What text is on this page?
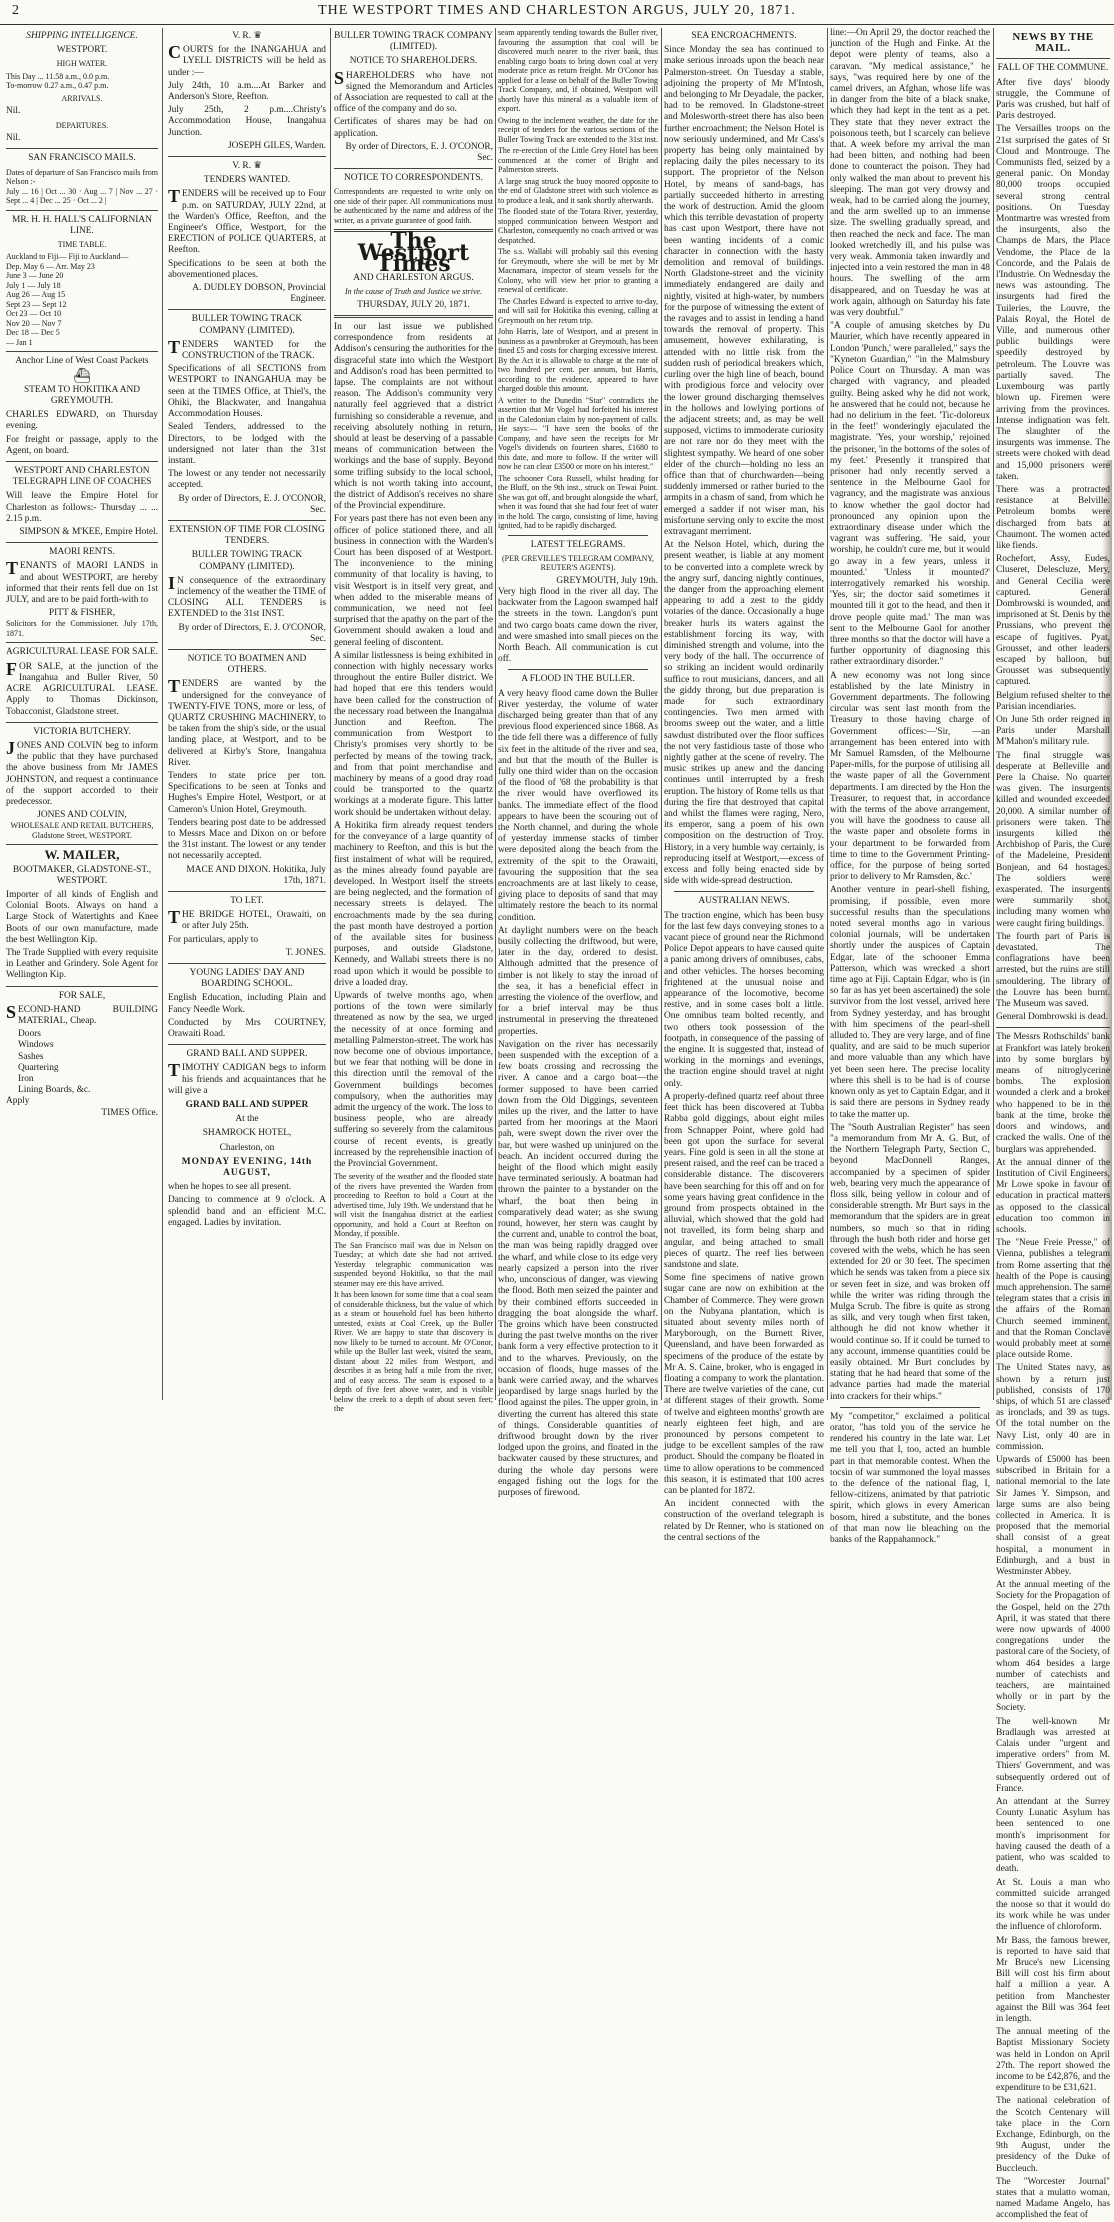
2	THE WESTPORT TIMES AND CHARLESTON ARGUS, JULY 20, 1871.
SHIPPING INTELLIGENCE.
WESTPORT.
HIGH WATER.
This Day ... 11.58 a.m., 0.0 p.m.
To-morrow 0.27 a.m., 0.47 p.m.
ARRIVALS.
Nil.
DEPARTURES.
Nil.
SAN FRANCISCO MAILS.
Dates of departure of San Francisco mails from Nelson :-
July ... 16 | Oct ... 30 · Aug ... 7 | Nov ... 27 · Sept ... 4 | Dec ... 25 · Oct ... 2 |
MR. H. H. HALL'S CALIFORNIAN LINE.
TIME TABLE.
Auckland to Fiji— Fiji to Auckland—
Dep. May 6 — Arr. May 23
June 3 — June 20
July 1 — July 18
Aug 26 — Aug 15
Sept 23 — Sept 12
Oct 23 — Oct 10
Nov 20 — Nov 7
Dec 18 — Dec 5
— Jan 1
Anchor Line of West Coast Packets
⛴
STEAM TO HOKITIKA AND GREYMOUTH.

CHARLES EDWARD, on Thursday evening.

For freight or passage, apply to the Agent, on board.

WESTPORT AND CHARLESTON TELEGRAPH LINE OF COACHES

Will leave the Empire Hotel for Charleston as follows:- Thursday ... ... 2.15 p.m.

SIMPSON & M'KEE, Empire Hotel.
MAORI RENTS.

TENANTS of MAORI LANDS in and about WESTPORT, are hereby informed that their rents fell due on 1st JULY, and are to be paid forth-with to

PITT & FISHER,
Solicitors for the Commissioner. July 17th, 1871.
AGRICULTURAL LEASE FOR SALE.

FOR SALE, at the junction of the Inangahua and Buller River, 50 ACRE AGRICULTURAL LEASE. Apply to Thomas Dickinson, Tobacconist, Gladstone street.

VICTORIA BUTCHERY.

JONES AND COLVIN beg to inform the public that they have purchased the above business from Mr JAMES JOHNSTON, and request a continuance of the support accorded to their predecessor.

JONES AND COLVIN,
WHOLESALE AND RETAIL BUTCHERS, Gladstone Street, WESTPORT.
W. MAILER,
BOOTMAKER, GLADSTONE-ST., WESTPORT.

Importer of all kinds of English and Colonial Boots. Always on hand a Large Stock of Watertights and Knee Boots of our own manufacture, made the best Wellington Kip.

The Trade Supplied with every requisite in Leather and Grindery. Sole Agent for Wellington Kip.

FOR SALE,

SECOND-HAND BUILDING MATERIAL, Cheap.

Doors
Windows
Sashes
Quartering
Iron
Lining Boards, &c.
Apply
TIMES Office.
V. R. ♛

COURTS for the INANGAHUA and LYELL DISTRICTS will be held as under :—

July 24th, 10 a.m....At Barker and Anderson's Store, Reefton.

July 25th, 2 p.m....Christy's Accommodation House, Inangahua Junction.

JOSEPH GILES, Warden.
V. R. ♛
TENDERS WANTED.

TENDERS will be received up to Four p.m. on SATURDAY, JULY 22nd, at the Warden's Office, Reefton, and the Engineer's Office, Westport, for the ERECTION of POLICE QUARTERS, at Reefton.

Specifications to be seen at both the abovementioned places.

A. DUDLEY DOBSON, Provincial Engineer.
BULLER TOWING TRACK COMPANY (LIMITED).

TENDERS WANTED for the CONSTRUCTION of the TRACK.

Specifications of all SECTIONS from WESTPORT to INANGAHUA may be seen at the TIMES Office, at Thiel's, the Ohiki, the Blackwater, and Inangahua Accommodation Houses.

Sealed Tenders, addressed to the Directors, to be lodged with the undersigned not later than the 31st instant.

The lowest or any tender not necessarily accepted.

By order of Directors, E. J. O'CONOR, Sec.
EXTENSION OF TIME FOR CLOSING TENDERS.
BULLER TOWING TRACK COMPANY (LIMITED).

IN consequence of the extraordinary inclemency of the weather the TIME of CLOSING ALL TENDERS is EXTENDED to the 31st INST.

By order of Directors, E. J. O'CONOR, Sec.
NOTICE TO BOATMEN AND OTHERS.

TENDERS are wanted by the undersigned for the conveyance of TWENTY-FIVE TONS, more or less, of QUARTZ CRUSHING MACHINERY, to be taken from the ship's side, or the usual landing place, at Westport, and to be delivered at Kirby's Store, Inangahua River.

Tenders to state price per ton. Specifications to be seen at Tonks and Hughes's Empire Hotel, Westport, or at Cameron's Union Hotel, Greymouth.

Tenders bearing post date to be addressed to Messrs Mace and Dixon on or before the 31st instant. The lowest or any tender not necessarily accepted.

MACE AND DIXON. Hokitika, July 17th, 1871.
TO LET.

THE BRIDGE HOTEL, Orawaiti, on or after July 25th.

For particulars, apply to

T. JONES.
YOUNG LADIES' DAY AND BOARDING SCHOOL.

English Education, including Plain and Fancy Needle Work.

Conducted by Mrs COURTNEY, Orawaiti Road.

GRAND BALL AND SUPPER.

TIMOTHY CADIGAN begs to inform his friends and acquaintances that he will give a

GRAND BALL AND SUPPER
At the
SHAMROCK HOTEL,
Charleston, on
MONDAY EVENING, 14th AUGUST,

when he hopes to see all present.

Dancing to commence at 9 o'clock. A splendid band and an efficient M.C. engaged. Ladies by invitation.

BULLER TOWING TRACK COMPANY (LIMITED).
NOTICE TO SHAREHOLDERS.

SHAREHOLDERS who have not signed the Memorandum and Articles of Association are requested to call at the office of the company and do so.

Certificates of shares may be had on application.

By order of Directors, E. J. O'CONOR, Sec.
NOTICE TO CORRESPONDENTS.

Correspondents are requested to write only on one side of their paper. All communications must be authenticated by the name and address of the writer, as a private guarantee of good faith.

The Westport Times
AND CHARLESTON ARGUS.
In the cause of Truth and Justice we strive.
THURSDAY, JULY 20, 1871.

In our last issue we published correspondence from residents at Addison's censuring the authorities for the disgraceful state into which the Westport and Addison's road has been permitted to lapse. The complaints are not without reason. The Addison's community very naturally feel aggrieved that a district furnishing so considerable a revenue, and receiving absolutely nothing in return, should at least be deserving of a passable means of communication between the workings and the base of supply. Beyond some trifling subsidy to the local school, which is not worth taking into account, the district of Addison's receives no share of the Provincial expenditure.

For years past there has not even been any officer of police stationed there, and all business in connection with the Warden's Court has been disposed of at Westport. The inconvenience to the mining community of that locality is having, to visit Westport is in itself very great, and when added to the miserable means of communication, we need not feel surprised that the apathy on the part of the Government should awaken a loud and general feeling of discontent.

A similar listlessness is being exhibited in connection with highly necessary works throughout the entire Buller district. We had hoped that ere this tenders would have been called for the construction of the necessary road between the Inangahua Junction and Reefton. The communication from Westport to Christy's promises very shortly to be perfected by means of the towing track, and from that point merchandise and machinery by means of a good dray road could be transported to the quartz workings at a moderate figure. This latter work should be undertaken without delay.

A Hokitika firm already request tenders for the conveyance of a large quantity of machinery to Reefton, and this is but the first instalment of what will be required, as the mines already found payable are developed. In Westport itself the streets are being neglected, and the formation of necessary streets is delayed. The encroachments made by the sea during the past month have destroyed a portion of the available sites for business purposes, and outside Gladstone, Kennedy, and Wallabi streets there is no road upon which it would be possible to drive a loaded dray.

Upwards of twelve months ago, when portions of the town were similarly threatened as now by the sea, we urged the necessity of at once forming and metalling Palmerston-street. The work has now become one of obvious importance, but we fear that nothing will be done in this direction until the removal of the Government buildings becomes compulsory, when the authorities may admit the urgency of the work. The loss to business people, who are already suffering so severely from the calamitous course of recent events, is greatly increased by the reprehensible inaction of the Provincial Government.

The severity of the weather and the flooded state of the rivers have prevented the Warden from proceeding to Reefton to hold a Court at the advertised time, July 19th. We understand that he will visit the Inangahua district at the earliest opportunity, and hold a Court at Reefton on Monday, if possible.

The San Francisco mail was due in Nelson on Tuesday; at which date she had not arrived. Yesterday telegraphic communication was suspended beyond Hokitika, so that the mail steamer may ere this have arrived.

It has been known for some time that a coal seam of considerable thickness, but the value of which as a steam or household fuel has been hitherto untested, exists at Coal Creek, up the Buller River. We are happy to state that discovery is now likely to be turned to account. Mr O'Conor, while up the Buller last week, visited the seam, distant about 22 miles from Westport, and describes it as being half a mile from the river, and of easy access. The seam is exposed to a depth of five feet above water, and is visible below the creek to a depth of about seven feet; the

seam apparently tending towards the Buller river, favouring the assumption that coal will be discovered much nearer to the river bank, thus enabling cargo boats to bring down coal at very moderate price as return freight. Mr O'Conor has applied for a lease on behalf of the Buller Towing Track Company, and, if obtained, Westport will shortly have this mineral as a valuable item of export.

Owing to the inclement weather, the date for the receipt of tenders for the various sections of the Buller Towing Track are extended to the 31st inst.

The re-erection of the Little Grey Hotel has been commenced at the corner of Bright and Palmerston streets.

A large snag struck the buoy moored opposite to the end of Gladstone street with such violence as to produce a leak, and it sank shortly afterwards.

The flooded state of the Totara River, yesterday, stopped communication between Westport and Charleston, consequently no coach arrived or was despatched.

The s.s. Wallabi will probably sail this evening for Greymouth, where she will be met by Mr Macnamara, inspector of steam vessels for the Colony, who will view her prior to granting a renewal of certificate.

The Charles Edward is expected to arrive to-day, and will sail for Hokitika this evening, calling at Greymouth on her return trip.

John Harris, late of Westport, and at present in business as a pawnbroker at Greymouth, has been fined £5 and costs for charging excessive interest. By the Act it is allowable to charge at the rate of two hundred per cent. per annum, but Harris, according to the evidence, appeared to have charged double this amount.

A writer to the Dunedin "Star" contradicts the assertion that Mr Vogel had forfeited his interest in the Caledonian claim by non-payment of calls. He says:— "I have seen the books of the Company, and have seen the receipts for Mr Vogel's dividends on fourteen shares, £1680 to this date, and more to follow. If the writer will now he can clear £3500 or more on his interest."

The schooner Cora Russell, whilst heading for the Bluff, on the 9th inst., struck on Tewai Point. She was got off, and brought alongside the wharf, when it was found that she had four feet of water in the hold. The cargo, consisting of lime, having ignited, had to be rapidly discharged.

LATEST TELEGRAMS.
(PER GREVILLE'S TELEGRAM COMPANY, REUTER'S AGENTS).
GREYMOUTH, July 19th.

Very high flood in the river all day. The backwater from the Lagoon swamped half the streets in the town. Langdon's punt and two cargo boats came down the river, and were smashed into small pieces on the North Beach. All communication is cut off.

A FLOOD IN THE BULLER.

A very heavy flood came down the Buller River yesterday, the volume of water discharged being greater than that of any previous flood experienced since 1868. As the tide fell there was a difference of fully six feet in the altitude of the river and sea, and but that the mouth of the Buller is fully one third wider than on the occasion of the flood of '68 the probability is that the river would have overflowed its banks. The immediate effect of the flood appears to have been the scouring out of the North channel, and during the whole of yesterday immense stacks of timber were deposited along the beach from the extremity of the spit to the Orawaiti, favouring the supposition that the sea encroachments are at last likely to cease, giving place to deposits of sand that may ultimately restore the beach to its normal condition.

At daylight numbers were on the beach busily collecting the driftwood, but were, later in the day, ordered to desist. Although admitted that the presence of timber is not likely to stay the inroad of the sea, it has a beneficial effect in arresting the violence of the overflow, and for a brief interval may be thus instrumental in preserving the threatened properties.

Navigation on the river has necessarily been suspended with the exception of a few boats crossing and recrossing the river. A canoe and a cargo boat—the former supposed to have been carried down from the Old Diggings, seventeen miles up the river, and the latter to have parted from her moorings at the Maori pah, were swept down the river over the bar, but were washed up uninjured on the beach. An incident occurred during the height of the flood which might easily have terminated seriously. A boatman had thrown the painter to a bystander on the wharf, the boat then being in comparatively dead water; as she swung round, however, her stern was caught by the current and, unable to control the boat, the man was being rapidly dragged over the wharf, and while close to its edge very nearly capsized a person into the river who, unconscious of danger, was viewing the flood. Both men seized the painter and by their combined efforts succeeded in dragging the boat alongside the wharf. The groins which have been constructed during the past twelve months on the river bank form a very effective protection to it and to the wharves. Previously, on the occasion of floods, huge masses of the bank were carried away, and the wharves jeopardised by large snags hurled by the flood against the piles. The upper groin, in diverting the current has altered this state of things. Considerable quantities of driftwood brought down by the river lodged upon the groins, and floated in the backwater caused by these structures, and during the whole day persons were engaged fishing out the logs for the purposes of firewood.

SEA ENCROACHMENTS.

Since Monday the sea has continued to make serious inroads upon the beach near Palmerston-street. On Tuesday a stable, adjoining the property of Mr M'Intosh, and belonging to Mr Deyadale, the packer, had to be removed. In Gladstone-street and Molesworth-street there has also been further encroachment; the Nelson Hotel is now seriously undermined, and Mr Cass's property has being only maintained by replacing daily the piles necessary to its support. The proprietor of the Nelson Hotel, by means of sand-bags, has partially succeeded hitherto in arresting the work of destruction. Amid the gloom which this terrible devastation of property has cast upon Westport, there have not been wanting incidents of a comic character in connection with the hasty demolition and removal of buildings. North Gladstone-street and the vicinity immediately endangered are daily and nightly, visited at high-water, by numbers for the purpose of witnessing the extent of the ravages and to assist in lending a hand towards the removal of property. This amusement, however exhilarating, is attended with no little risk from the sudden rush of periodical breakers which, curling over the high line of beach, bound with prodigious force and velocity over the lower ground discharging themselves in the hollows and lowlying portions of the adjacent streets; and, as may be well supposed, victims to immoderate curiosity are not rare nor do they meet with the slightest sympathy. We heard of one sober elder of the church—holding no less an office than that of churchwarden—being suddenly immersed or rather buried to the armpits in a chasm of sand, from which he emerged a sadder if not wiser man, his misfortune serving only to excite the most extravagant merriment.

At the Nelson Hotel, which, during the present weather, is liable at any moment to be converted into a complete wreck by the angry surf, dancing nightly continues, the danger from the approaching element appearing to add a zest to the giddy votaries of the dance. Occasionally a huge breaker hurls its waters against the establishment forcing its way, with diminished strength and volume, into the very body of the hall. The occurrence of so striking an incident would ordinarily suffice to rout musicians, dancers, and all the giddy throng, but due preparation is made for such extraordinary contingencies. Two men armed with brooms sweep out the water, and a little sawdust distributed over the floor suffices the not very fastidious taste of those who nightly gather at the scene of revelry. The music strikes up anew and the dancing continues until interrupted by a fresh eruption. The history of Rome tells us that during the fire that destroyed that capital and whilst the flames were raging, Nero, its emperor, sang a poem of his own composition on the destruction of Troy. History, in a very humble way certainly, is reproducing itself at Westport,—excess of excess and folly being enacted side by side with wide-spread destruction.

AUSTRALIAN NEWS.

The traction engine, which has been busy for the last few days conveying stones to a vacant piece of ground near the Richmond Police Depot appears to have caused quite a panic among drivers of omnibuses, cabs, and other vehicles. The horses becoming frightened at the unusual noise and appearance of the locomotive, become restive, and in some cases bolt a little. One omnibus team bolted recently, and two others took possession of the footpath, in consequence of the passing of the engine. It is suggested that, instead of working in the mornings and evenings, the traction engine should travel at night only.

A properly-defined quartz reef about three feet thick has been discovered at Tubba Rabba gold diggings, about eight miles from Schnapper Point, where gold had been got upon the surface for several years. Fine gold is seen in all the stone at present raised, and the reef can be traced a considerable distance. The discoverers have been searching for this off and on for some years having great confidence in the ground from prospects obtained in the alluvial, which showed that the gold had not travelled, its form being sharp and angular, and being attached to small pieces of quartz. The reef lies between sandstone and slate.

Some fine specimens of native grown sugar cane are now on exhibition at the Chamber of Commerce. They were grown on the Nubyana plantation, which is situated about seventy miles north of Maryborough, on the Burnett River, Queensland, and have been forwarded as specimens of the produce of the estate by Mr A. S. Caine, broker, who is engaged in floating a company to work the plantation. There are twelve varieties of the cane, cut at different stages of their growth. Some of twelve and eighteen months' growth are nearly eighteen feet high, and are pronounced by persons competent to judge to be excellent samples of the raw product. Should the company be floated in time to allow operations to be commenced this season, it is estimated that 100 acres can be planted for 1872.

An incident connected with the construction of the overland telegraph is related by Dr Renner, who is stationed on the central sections of the

line:—On April 29, the doctor reached the junction of the Hugh and Finke. At the depot were plenty of teams, also a caravan. "My medical assistance," he says, "was required here by one of the camel drivers, an Afghan, whose life was in danger from the bite of a black snake, which they had kept in the tent as a pet. They state that they never extract the poisonous teeth, but I scarcely can believe that. A week before my arrival the man had been bitten, and nothing had been done to counteract the poison. They had only walked the man about to prevent his sleeping. The man got very drowsy and weak, had to be carried along the journey, and the arm swelled up to an immense size. The swelling gradually spread, and then reached the neck and face. The man looked wretchedly ill, and his pulse was very weak. Ammonia taken inwardly and injected into a vein restored the man in 48 hours. The swelling of the arm disappeared, and on Tuesday he was at work again, although on Saturday his fate was very doubtful."

"A couple of amusing sketches by Du Maurier, which have recently appeared in London 'Punch,' were paralleled," says the "Kyneton Guardian," "in the Malmsbury Police Court on Thursday. A man was charged with vagrancy, and pleaded guilty. Being asked why he did not work, he answered that he could not, because he had no delirium in the feet. 'Tic-doloreux in the feet!' wonderingly ejaculated the magistrate. 'Yes, your worship,' rejoined the prisoner, 'in the bottoms of the soles of my feet.' Presently it transpired that prisoner had only recently served a sentence in the Melbourne Gaol for vagrancy, and the magistrate was anxious to know whether the gaol doctor had pronounced any opinion upon the extraordinary disease under which the vagrant was suffering. 'He said, your worship, he couldn't cure me, but it would go away in a few years, unless it mounted.' 'Unless it mounted?' interrogatively remarked his worship. 'Yes, sir; the doctor said sometimes it mounted till it got to the head, and then it drove people quite mad.' The man was sent to the Melbourne Gaol for another three months so that the doctor will have a further opportunity of diagnosing this rather extraordinary disorder."

A new economy was not long since established by the late Ministry in Government departments. The following circular was sent last month from the Treasury to those having charge of Government offices:—'Sir, —an arrangement has been entered into with Mr Samuel Ramsden, of the Melbourne Paper-mills, for the purpose of utilising all the waste paper of all the Government departments. I am directed by the Hon the Treasurer, to request that, in accordance with the terms of the above arrangement, you will have the goodness to cause all the waste paper and obsolete forms in your department to be forwarded from time to time to the Government Printing-office, for the purpose of being sorted prior to delivery to Mr Ramsden, &c.'

Another venture in pearl-shell fishing, promising, if possible, even more successful results than the speculations noted several months ago in various colonial journals, will be undertaken shortly under the auspices of Captain Edgar, late of the schooner Emma Patterson, which was wrecked a short time ago at Fiji. Captain Edgar, who is (in so far as has yet been ascertained) the sole survivor from the lost vessel, arrived here from Sydney yesterday, and has brought with him specimens of the pearl-shell alluded to. They are very large, and of fine quality, and are said to be much superior and more valuable than any which have yet been seen here. The precise locality where this shell is to be had is of course known only as yet to Captain Edgar, and it is said there are persons in Sydney ready to take the matter up.

The "South Australian Register" has seen "a memorandum from Mr A. G. But, of the Northern Telegraph Party, Section C, beyond MacDonnell Ranges, accompanied by a specimen of spider web, bearing very much the appearance of floss silk, being yellow in colour and of considerable strength. Mr Burt says in the memorandum that the spiders are in great numbers, so much so that in riding through the bush both rider and horse get covered with the webs, which he has seen extended for 20 or 30 feet. The specimen which he sends was taken from a piece six or seven feet in size, and was broken off while the writer was riding through the Mulga Scrub. The fibre is quite as strong as silk, and very tough when first taken, although he did not know whether it would continue so. If it could be turned to any account, immense quantities could be easily obtained. Mr Burt concludes by stating that he had heard that some of the advance parties had made the material into crackers for their whips."

My "competitor," exclaimed a political orator, "has told you of the service he rendered his country in the late war. Let me tell you that I, too, acted an humble part in that memorable contest. When the tocsin of war summoned the loyal masses to the defence of the national flag, I, fellow-citizens, animated by that patriotic spirit, which glows in every American bosom, hired a substitute, and the bones of that man now lie bleaching on the banks of the Rappahannock."

NEWS BY THE MAIL.
FALL OF THE COMMUNE.

After five days' bloody struggle, the Commune of Paris was crushed, but half of Paris destroyed.

The Versailles troops on the 21st surprised the gates of St Cloud and Montrouge. The Communists fled, seized by a general panic. On Monday 80,000 troops occupied several strong central positions. On Tuesday Montmartre was wrested from the insurgents, also the Champs de Mars, the Place Vendome, the Place de la Concorde, and the Palais de l'Industrie. On Wednesday the news was astounding. The insurgents had fired the Tuileries, the Louvre, the Palais Royal, the Hotel de Ville, and numerous other public buildings were speedily destroyed by petroleum. The Louvre was partially saved. The Luxembourg was partly blown up. Firemen were arriving from the provinces. Intense indignation was felt. The slaughter of the insurgents was immense. The streets were choked with dead and 15,000 prisoners were taken.

There was a protracted resistance at Belville. Petroleum bombs were discharged from bats at Chaumont. The women acted like fiends.

Rochefort, Assy, Eudes, Cluseret, Delescluze, Mery, and General Cecilia were captured. General Dombrowski is wounded, and imprisoned at St. Denis by the Prussians, who prevent the escape of fugitives. Pyat, Grousset, and other leaders escaped by balloon, but Grousset was subsequently captured.

Belgium refused shelter to the Parisian incendiaries.

On June 5th order reigned in Paris under Marshall M'Mahon's military rule.

The final struggle was desperate at Belleville and Pere la Chaise. No quarter was given. The insurgents killed and wounded exceeded 20,000. A similar number of prisoners were taken. The insurgents killed the Archbishop of Paris, the Cure of the Madeleine, President Bonjean, and 64 hostages. The soldiers were exasperated. The insurgents were summarily shot, including many women who were caught firing buildings.

The fourth part of Paris is devastated. The conflagrations have been arrested, but the ruins are still smouldering. The library of the Louvre has been burnt. The Museum was saved.

General Dombrowski is dead.

The Messrs Rothschilds' bank at Frankfort was lately broken into by some burglars by means of nitroglycerine bombs. The explosion wounded a clerk and a broker who happened to be in the bank at the time, broke the doors and windows, and cracked the walls. One of the burglars was apprehended.

At the annual dinner of the Institution of Civil Engineers, Mr Lowe spoke in favour of education in practical matters as opposed to the classical education too common in schools.

The "Neue Freie Presse," of Vienna, publishes a telegram from Rome asserting that the health of the Pope is causing much apprehension. The same telegram states that a crisis in the affairs of the Roman Church seemed imminent, and that the Roman Conclave would probably meet at some place outside Rome.

The United States navy, as shown by a return just published, consists of 170 ships, of which 51 are classed as ironclads, and 39 as tugs. Of the total number on the Navy List, only 40 are in commission.

Upwards of £5000 has been subscribed in Britain for a national memorial to the late Sir James Y. Simpson, and large sums are also being collected in America. It is proposed that the memorial shall consist of a great hospital, a monument in Edinburgh, and a bust in Westminster Abbey.

At the annual meeting of the Society for the Propagation of the Gospel, held on the 27th April, it was stated that there were now upwards of 4000 congregations under the pastoral care of the Society, of whom 464 besides a large number of catechists and teachers, are maintained wholly or in part by the Society.

The well-known Mr Bradlaugh was arrested at Calais under "urgent and imperative orders" from M. Thiers' Government, and was subsequently ordered out of France.

An attendant at the Surrey County Lunatic Asylum has been sentenced to one month's imprisonment for having caused the death of a patient, who was scalded to death.

At St. Louis a man who committed suicide arranged the noose so that it would do its work while he was under the influence of chloroform.

Mr Bass, the famous brewer, is reported to have said that Mr Bruce's new Licensing Bill will cost his firm about half a million a year. A petition from Manchester against the Bill was 364 feet in length.

The annual meeting of the Baptist Missionary Society was held in London on April 27th. The report showed the income to be £42,876, and the expenditure to be £31,621.

The national celebration of the Scotch Centenary will take place in the Corn Exchange, Edinburgh, on the 9th August, under the presidency of the Duke of Buccleuch.

The "Worcester Journal" states that a mulatto woman, named Madame Angelo, has accomplished the feat of
